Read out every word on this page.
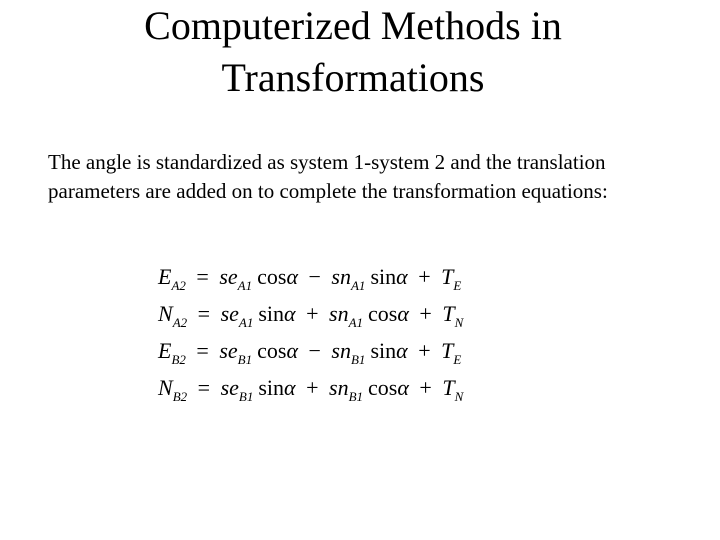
Computerized Methods in
Transformations
The angle is standardized as system 1-system 2 and the translation parameters are added on to complete the transformation equations:
$E_{A2} = se_{A1}$ $\cos\alpha - sn_{A1}$ $\sin\alpha + T_E$
$N_{A2} = se_{A1}$ $\sin\alpha + sn_{A1}$ $\cos\alpha + T_N$
$E_{B2} = se_{B1}$ $\cos\alpha - sn_{B1}$ $\sin\alpha + T_E$
$N_{B2} = se_{B1}$ $\sin\alpha + sn_{B1}$ $\cos\alpha + T_N$
